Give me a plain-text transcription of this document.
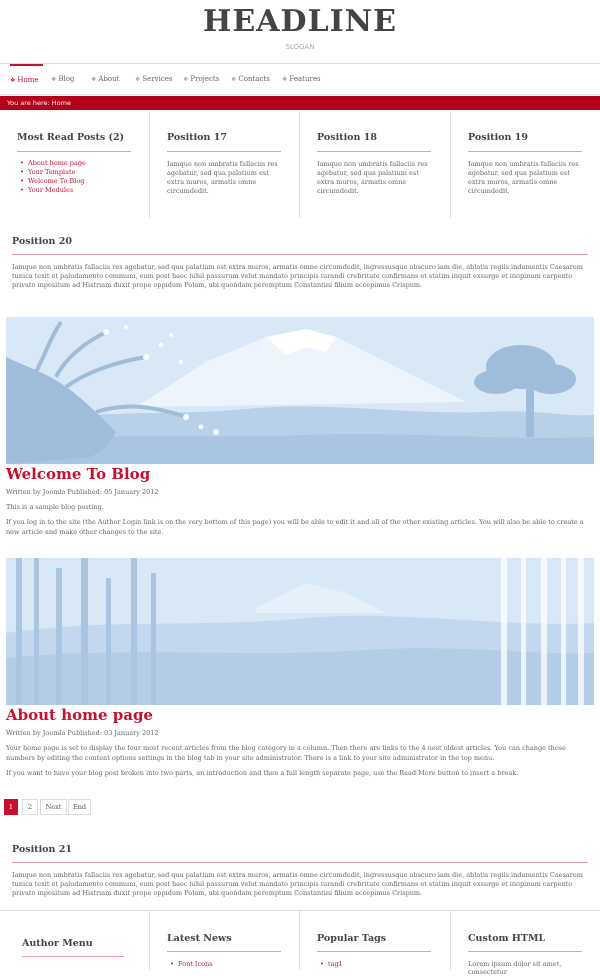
HEADLINE
SLOGAN
❖ Home	❖ Blog	❖ About	❖ Services ❖ Projects ❖ Contacts ❖ Features
You are here: Home
Most Read Posts (2)
• About home page
• Your Template
• Welcome To Blog
• Your Modules
Position 17
Iamque non umbratis fallaciis res agebatur, sed qua palatium est extra muros, armatis omne circumdedit.
Position 18
Iamque non umbratis fallaciis res agebatur, sed qua palatium est extra muros, armatis omne circumdedit.
Position 19
Iamque non umbratis fallaciis res agebatur, sed qua palatium est extra muros, armatis omne circumdedit.
Position 20
Iamque non umbratis fallaciis res agebatur, sed qua palatium est extra muros, armatis omne circumdedit, ingressusque obscuro iam die, ablatis regiis indumentis Caesarem tunica texit et paludamento communi, eum post haec nihil passurum velut mandato principis iurandi crebritate confirmans et statim inquit exsurge et inopinum carpento privato inpositum ad Histriam duxit prope oppidum Polam, ubi quondam peremptum Constantini filium accepimus Crispum.
Welcome To Blog
Written by Joomla Published: 05 January 2012
This is a sample blog posting.
If you log in to the site (the Author Login link is on the very bottom of this page) you will be able to edit it and all of the other existing articles. You will also be able to create a new article and make other changes to the site.
About home page
Written by Joomla Published: 03 January 2012
Your home page is set to display the four most recent articles from the blog category in a column. Then there are links to the 4 nest oldest articles. You can change those numbers by editing the content options settings in the blog tab in your site administrator. There is a link to your site administrator in the top menu.
If you want to have your blog post broken into two parts, an introduction and then a full length separate page, use the Read More button to insert a break.
1	2	Next	End
Position 21
Iamque non umbratis fallaciis res agebatur, sed qua palatium est extra muros, armatis omne circumdedit, ingressusque obscuro iam die, ablatis regiis indumentis Caesarem tunica texit et paludamento communi, eum post haec nihil passurum velut mandato principis iurandi crebritate confirmans et statim inquit exsurge et inopinum carpento privato inpositum ad Histriam duxit prope oppidum Polam, ubi quondam peremptum Constantini filium accepimus Crispum.
Author Menu	Latest News
• Font Icons
Popular Tags
• tag1
Custom HTML
Lorem ipsum dolor sit amet, consectetur
